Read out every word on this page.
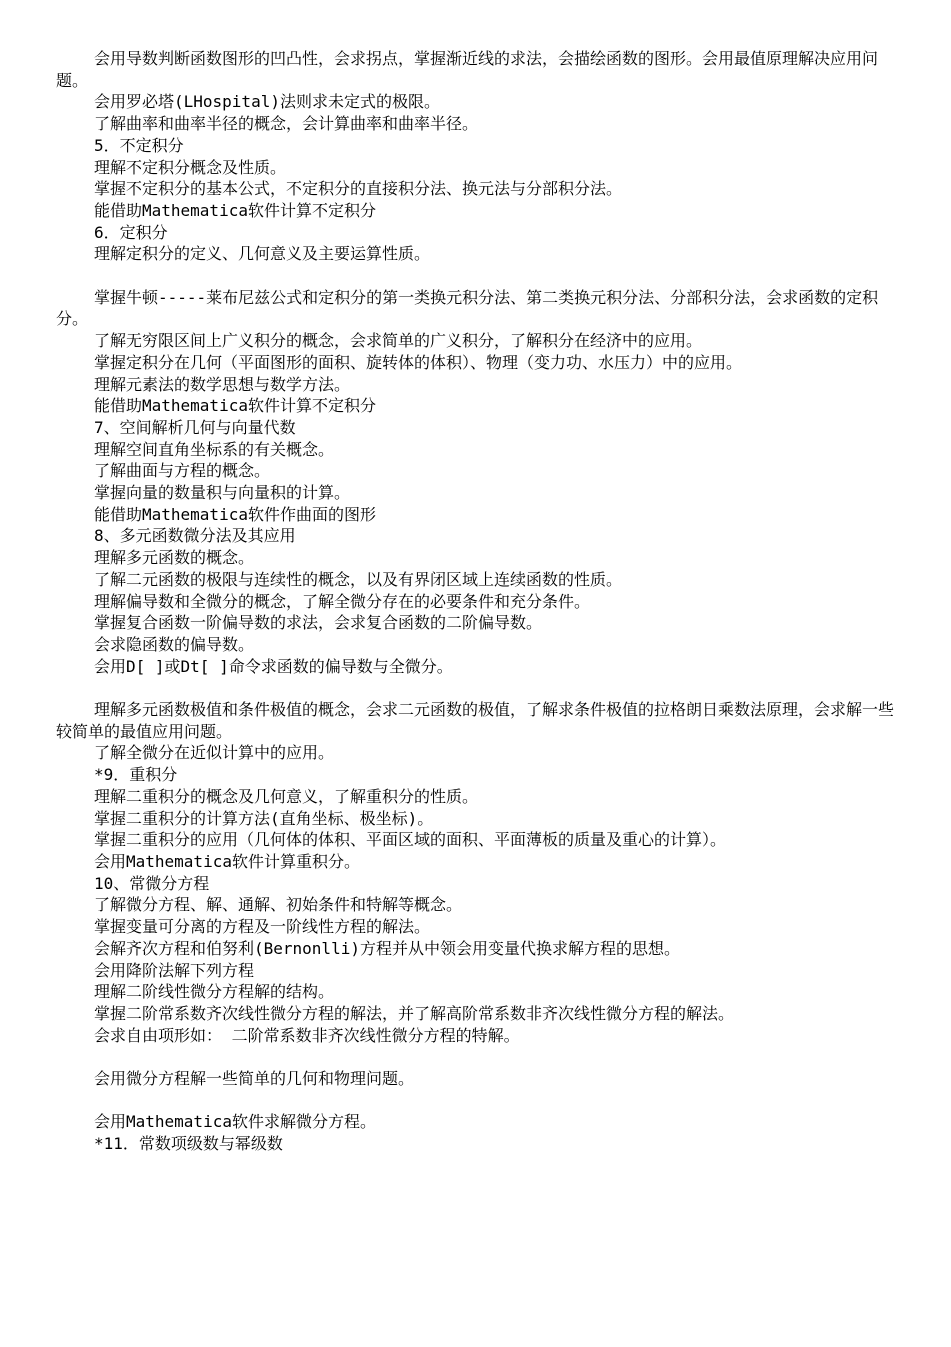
会用导数判断函数图形的凹凸性，会求拐点，掌握渐近线的求法，会描绘函数的图形。会用最值原理解决应用问题。

会用罗必塔(LHospital)法则求未定式的极限。

了解曲率和曲率半径的概念，会计算曲率和曲率半径。

5．不定积分

理解不定积分概念及性质。

掌握不定积分的基本公式，不定积分的直接积分法、换元法与分部积分法。

能借助Mathematica软件计算不定积分

6．定积分

理解定积分的定义、几何意义及主要运算性质。

掌握牛顿-----莱布尼兹公式和定积分的第一类换元积分法、第二类换元积分法、分部积分法，会求函数的定积分。

了解无穷限区间上广义积分的概念，会求简单的广义积分，了解积分在经济中的应用。

掌握定积分在几何（平面图形的面积、旋转体的体积）、物理（变力功、水压力）中的应用。

理解元素法的数学思想与数学方法。

能借助Mathematica软件计算不定积分

7、空间解析几何与向量代数

理解空间直角坐标系的有关概念。

了解曲面与方程的概念。

掌握向量的数量积与向量积的计算。

能借助Mathematica软件作曲面的图形

8、多元函数微分法及其应用

理解多元函数的概念。

了解二元函数的极限与连续性的概念，以及有界闭区域上连续函数的性质。

理解偏导数和全微分的概念，了解全微分存在的必要条件和充分条件。

掌握复合函数一阶偏导数的求法，会求复合函数的二阶偏导数。

会求隐函数的偏导数。

会用D[ ]或Dt[ ]命令求函数的偏导数与全微分。

理解多元函数极值和条件极值的概念，会求二元函数的极值，了解求条件极值的拉格朗日乘数法原理，会求解一些较简单的最值应用问题。

了解全微分在近似计算中的应用。

*9．重积分

理解二重积分的概念及几何意义，了解重积分的性质。

掌握二重积分的计算方法(直角坐标、极坐标)。

掌握二重积分的应用（几何体的体积、平面区域的面积、平面薄板的质量及重心的计算）。

会用Mathematica软件计算重积分。

10、常微分方程

了解微分方程、解、通解、初始条件和特解等概念。

掌握变量可分离的方程及一阶线性方程的解法。

会解齐次方程和伯努利(Bernonlli)方程并从中领会用变量代换求解方程的思想。

会用降阶法解下列方程

理解二阶线性微分方程解的结构。

掌握二阶常系数齐次线性微分方程的解法，并了解高阶常系数非齐次线性微分方程的解法。

会求自由项形如： 二阶常系数非齐次线性微分方程的特解。

会用微分方程解一些简单的几何和物理问题。

会用Mathematica软件求解微分方程。

*11．常数项级数与幂级数
